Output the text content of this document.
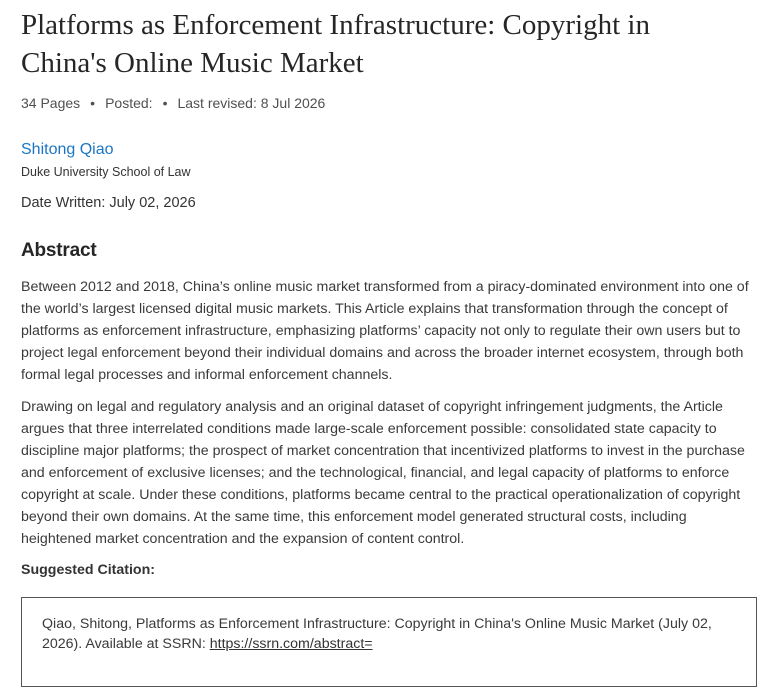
Platforms as Enforcement Infrastructure: Copyright in China's Online Music Market
34 Pages • Posted: • Last revised: 8 Jul 2026
Shitong Qiao
Duke University School of Law
Date Written: July 02, 2026
Abstract

Between 2012 and 2018, China’s online music market transformed from a piracy-dominated environment into one of the world’s largest licensed digital music markets. This Article explains that transformation through the concept of platforms as enforcement infrastructure, emphasizing platforms’ capacity not only to regulate their own users but to project legal enforcement beyond their individual domains and across the broader internet ecosystem, through both formal legal processes and informal enforcement channels.

Drawing on legal and regulatory analysis and an original dataset of copyright infringement judgments, the Article argues that three interrelated conditions made large-scale enforcement possible: consolidated state capacity to discipline major platforms; the prospect of market concentration that incentivized platforms to invest in the purchase and enforcement of exclusive licenses; and the technological, financial, and legal capacity of platforms to enforce copyright at scale. Under these conditions, platforms became central to the practical operationalization of copyright beyond their own domains. At the same time, this enforcement model generated structural costs, including heightened market concentration and the expansion of content control.

Suggested Citation:
Qiao, Shitong, Platforms as Enforcement Infrastructure: Copyright in China's Online Music Market (July 02, 2026). Available at SSRN: https://ssrn.com/abstract=
